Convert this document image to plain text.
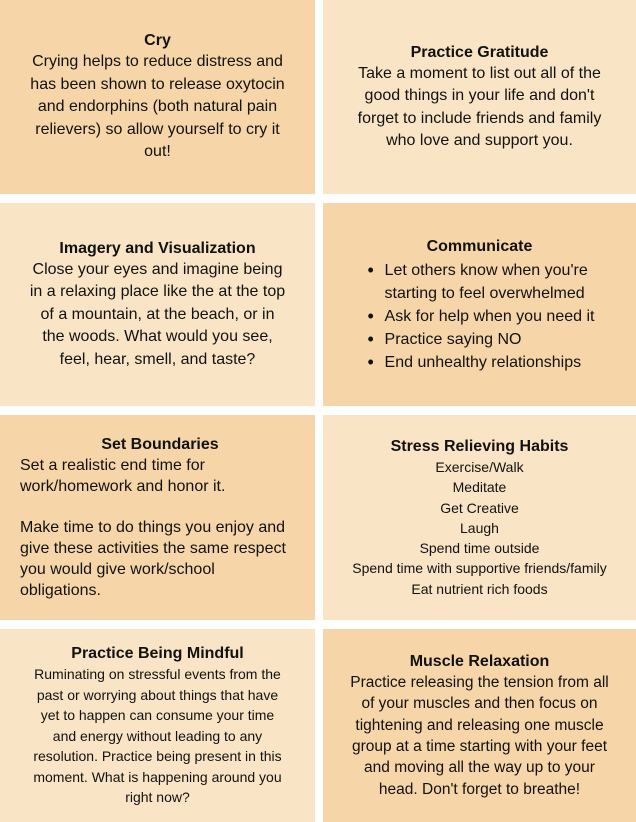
Cry

Crying helps to reduce distress and

has been shown to release oxytocin

and endorphins (both natural pain

relievers) so allow yourself to cry it

out!

Practice Gratitude

Take a moment to list out all of the

good things in your life and don't

forget to include friends and family

who love and support you.

Imagery and Visualization

Close your eyes and imagine being

in a relaxing place like the at the top

of a mountain, at the beach, or in

the woods. What would you see,

feel, hear, smell, and taste?

Communicate
• Let others know when you're
starting to feel overwhelmed
• Ask for help when you need it
• Practice saying NO
• End unhealthy relationships
Set Boundaries

Set a realistic end time for

work/homework and honor it.

Make time to do things you enjoy and

give these activities the same respect

you would give work/school

obligations.

Stress Relieving Habits

Exercise/Walk

Meditate

Get Creative

Laugh

Spend time outside

Spend time with supportive friends/family

Eat nutrient rich foods

Practice Being Mindful

Ruminating on stressful events from the

past or worrying about things that have

yet to happen can consume your time

and energy without leading to any

resolution. Practice being present in this

moment. What is happening around you

right now?

Muscle Relaxation

Practice releasing the tension from all

of your muscles and then focus on

tightening and releasing one muscle

group at a time starting with your feet

and moving all the way up to your

head. Don't forget to breathe!
